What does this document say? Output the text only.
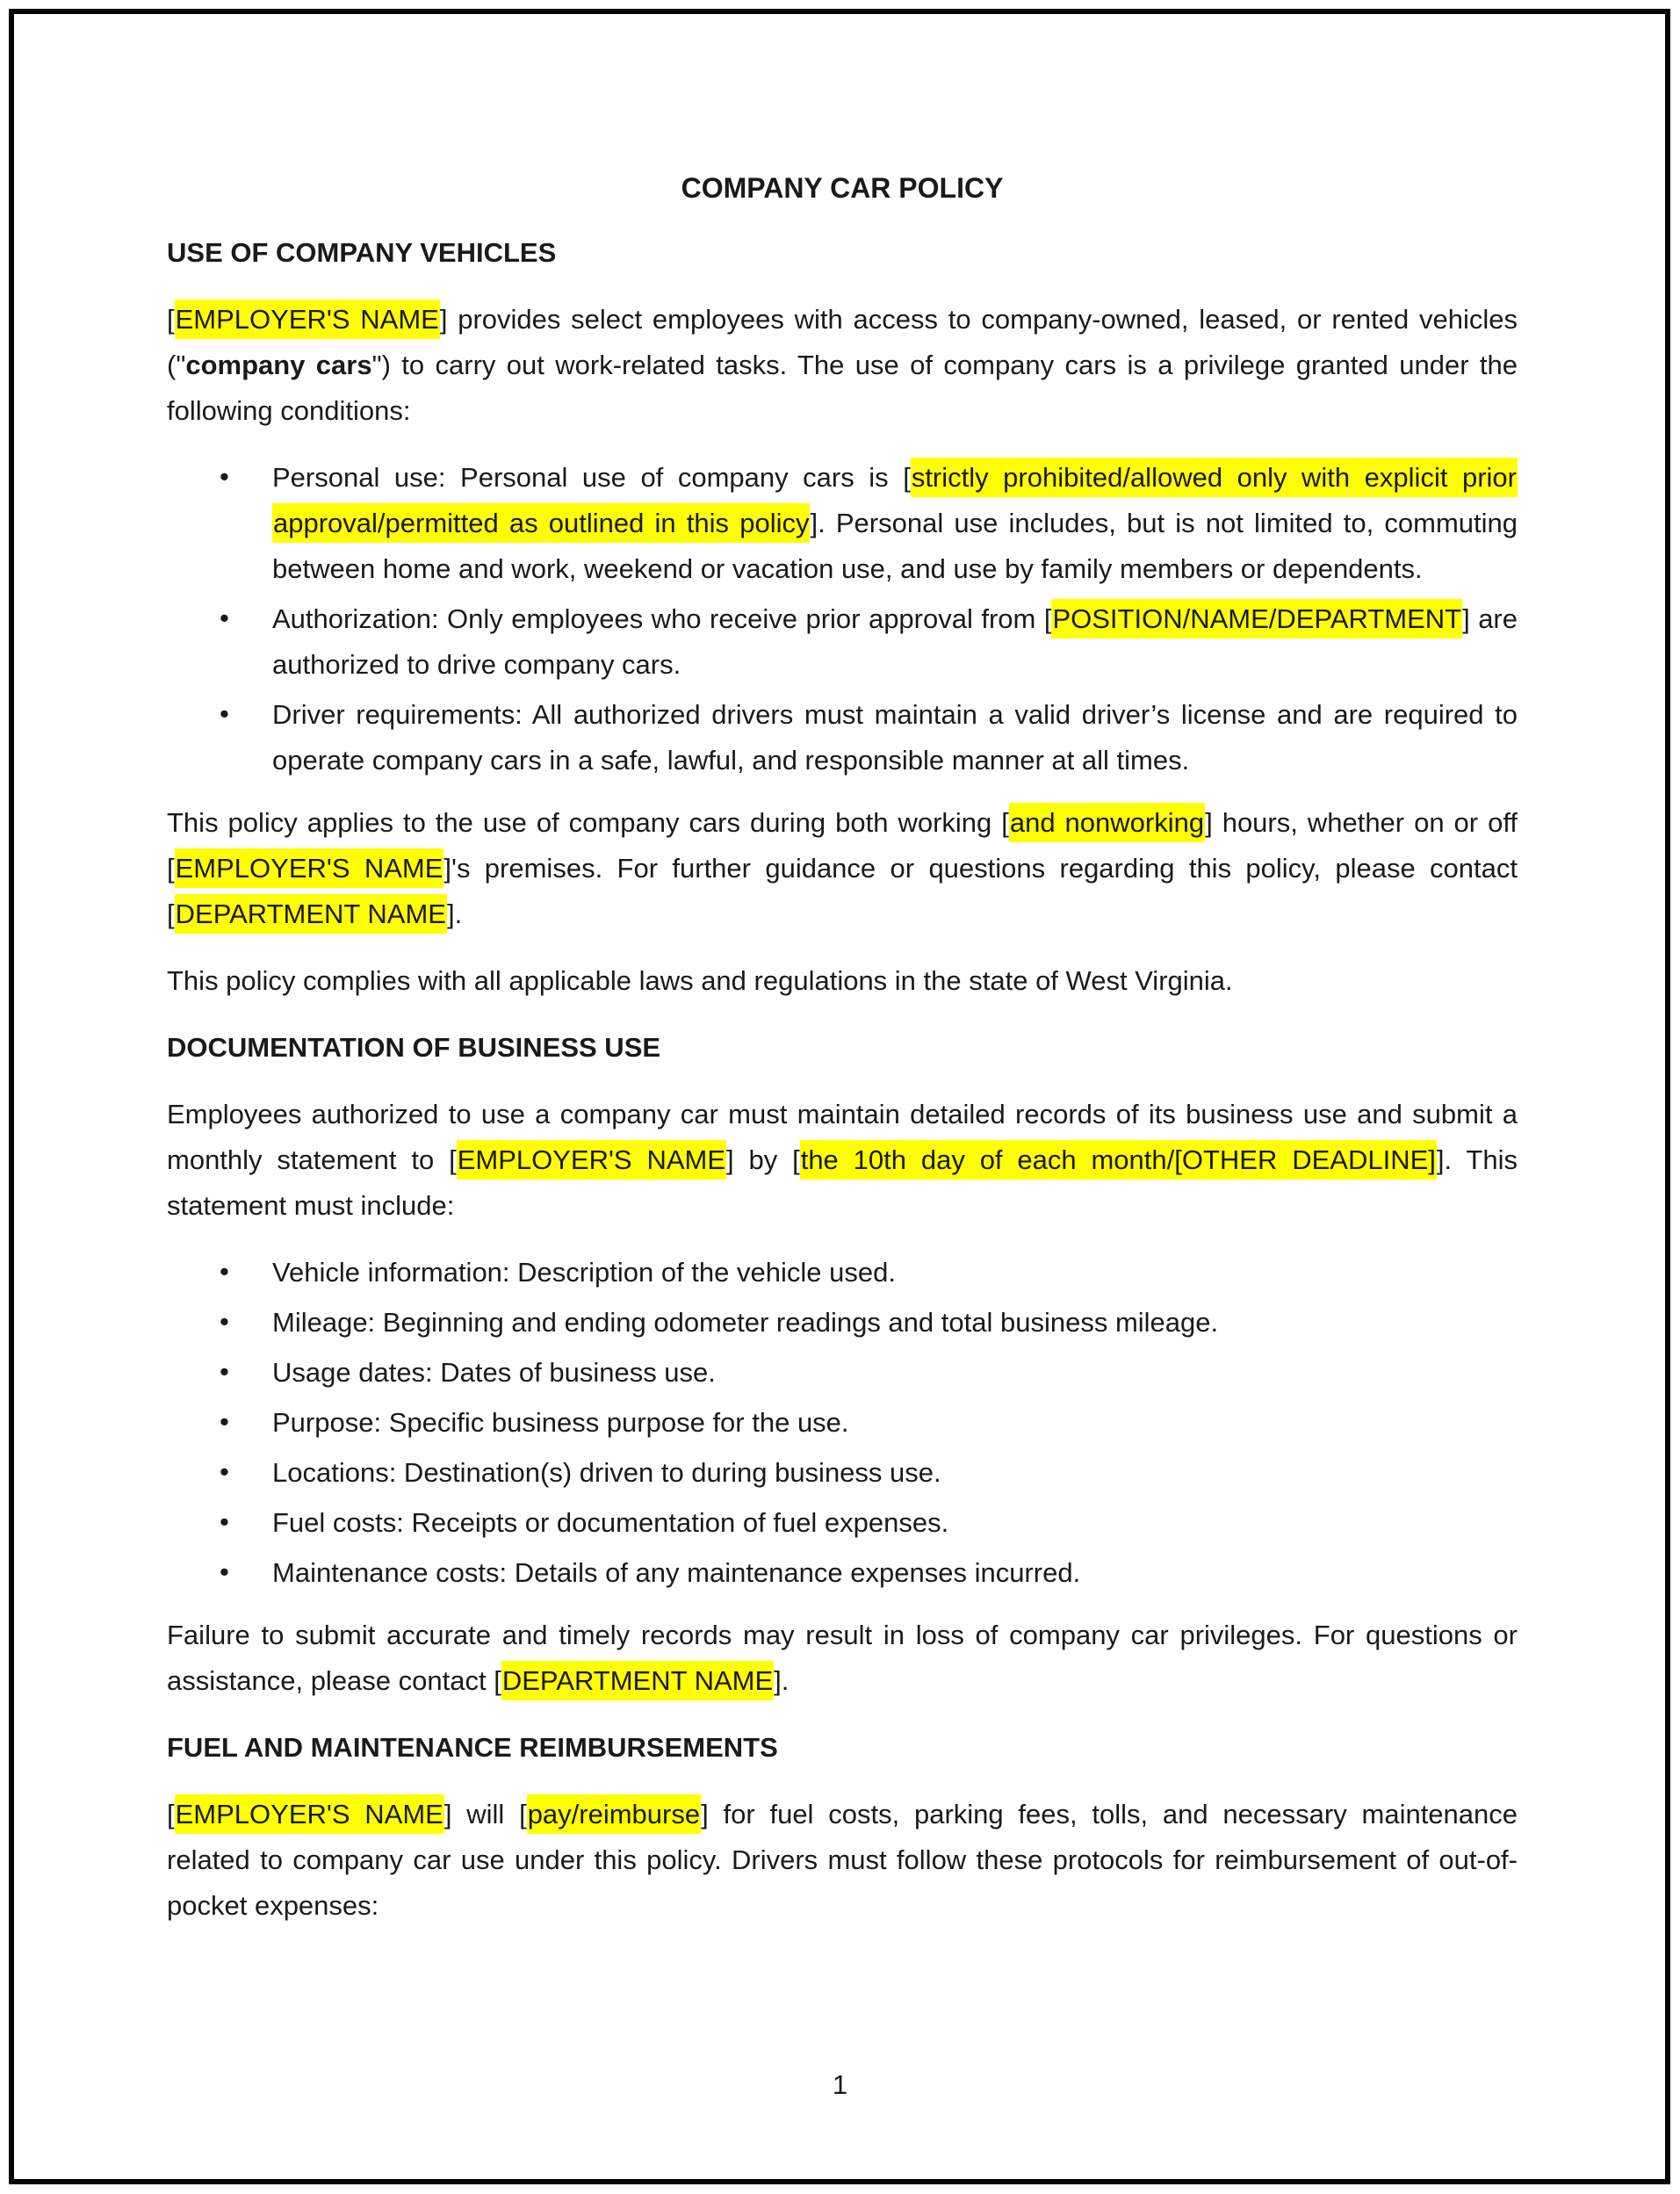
COMPANY CAR POLICY
USE OF COMPANY VEHICLES

[EMPLOYER'S NAME] provides select employees with access to company-owned, leased, or rented vehicles ("company cars") to carry out work-related tasks. The use of company cars is a privilege granted under the following conditions:

• Personal use: Personal use of company cars is [strictly prohibited/allowed only with explicit prior approval/permitted as outlined in this policy]. Personal use includes, but is not limited to, commuting between home and work, weekend or vacation use, and use by family members or dependents.
• Authorization: Only employees who receive prior approval from [POSITION/NAME/DEPARTMENT] are authorized to drive company cars.
• Driver requirements: All authorized drivers must maintain a valid driver’s license and are required to operate company cars in a safe, lawful, and responsible manner at all times.

This policy applies to the use of company cars during both working [and nonworking] hours, whether on or off [EMPLOYER'S NAME]'s premises. For further guidance or questions regarding this policy, please contact [DEPARTMENT NAME].

This policy complies with all applicable laws and regulations in the state of West Virginia.

DOCUMENTATION OF BUSINESS USE

Employees authorized to use a company car must maintain detailed records of its business use and submit a monthly statement to [EMPLOYER'S NAME] by [the 10th day of each month/[OTHER DEADLINE]]. This statement must include:

• Vehicle information: Description of the vehicle used.
• Mileage: Beginning and ending odometer readings and total business mileage.
• Usage dates: Dates of business use.
• Purpose: Specific business purpose for the use.
• Locations: Destination(s) driven to during business use.
• Fuel costs: Receipts or documentation of fuel expenses.
• Maintenance costs: Details of any maintenance expenses incurred.

Failure to submit accurate and timely records may result in loss of company car privileges. For questions or assistance, please contact [DEPARTMENT NAME].

FUEL AND MAINTENANCE REIMBURSEMENTS

[EMPLOYER'S NAME] will [pay/reimburse] for fuel costs, parking fees, tolls, and necessary maintenance related to company car use under this policy. Drivers must follow these protocols for reimbursement of out-of-pocket expenses:

1
